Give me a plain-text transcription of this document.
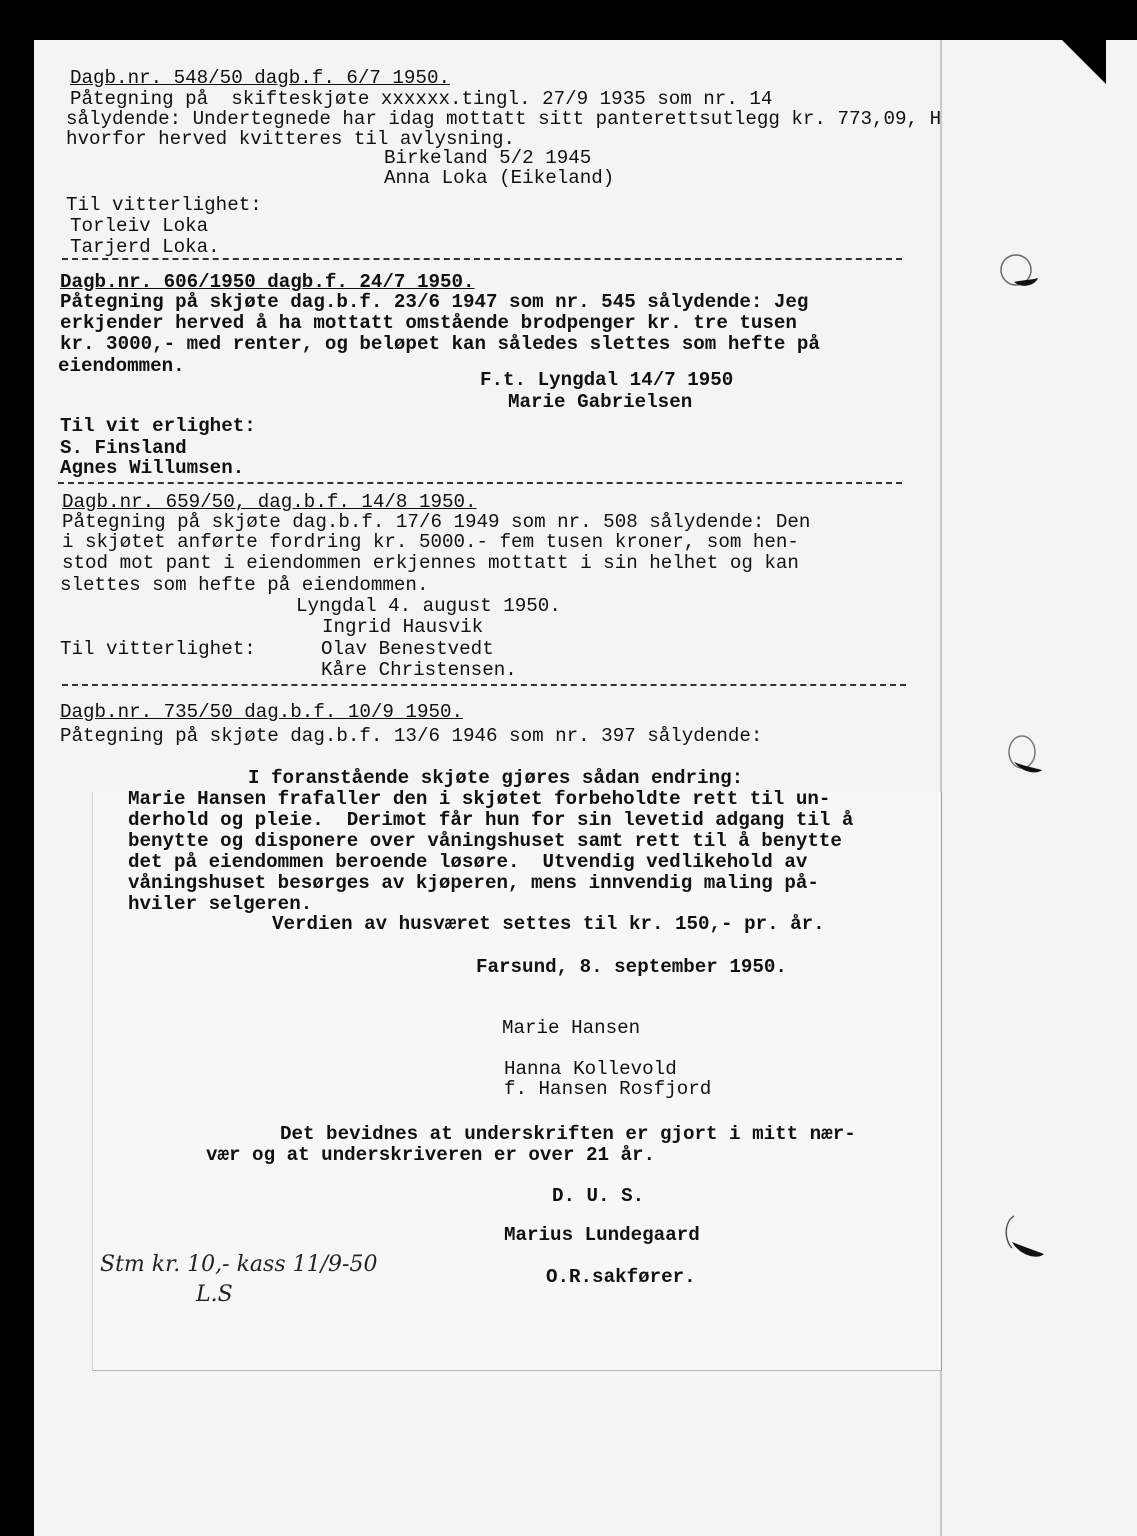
Dagb.nr. 548/50 dagb.f. 6/7 1950.
Påtegning på  skifteskjøte xxxxxx.tingl. 27/9 1935 som nr. 14
sålydende: Undertegnede har idag mottatt sitt panterettsutlegg kr. 773,09, H
hvorfor herved kvitteres til avlysning.
Birkeland 5/2 1945
Anna Loka (Eikeland)
Til vitterlighet:
Torleiv Loka
Tarjerd Loka.
Dagb.nr. 606/1950 dagb.f. 24/7 1950.
Påtegning på skjøte dag.b.f. 23/6 1947 som nr. 545 sålydende: Jeg
erkjender herved å ha mottatt omstående brodpenger kr. tre tusen
kr. 3000,- med renter, og beløpet kan således slettes som hefte på
eiendommen.
F.t. Lyngdal 14/7 1950
Marie Gabrielsen
Til vit erlighet:
S. Finsland
Agnes Willumsen.
Dagb.nr. 659/50, dag.b.f. 14/8 1950.
Påtegning på skjøte dag.b.f. 17/6 1949 som nr. 508 sålydende: Den
i skjøtet anførte fordring kr. 5000.- fem tusen kroner, som hen-
stod mot pant i eiendommen erkjennes mottatt i sin helhet og kan
slettes som hefte på eiendommen.
Lyngdal 4. august 1950.
Ingrid Hausvik
Til vitterlighet:	Olav Benestvedt
Kåre Christensen.
Dagb.nr. 735/50 dag.b.f. 10/9 1950.
Påtegning på skjøte dag.b.f. 13/6 1946 som nr. 397 sålydende:
I foranstående skjøte gjøres sådan endring:
Marie Hansen frafaller den i skjøtet forbeholdte rett til un-
derhold og pleie.  Derimot får hun for sin levetid adgang til å
benytte og disponere over våningshuset samt rett til å benytte
det på eiendommen beroende løsøre.  Utvendig vedlikehold av
våningshuset besørges av kjøperen, mens innvendig maling på-
hviler selgeren.
Verdien av husværet settes til kr. 150,- pr. år.
Farsund, 8. september 1950.
Marie Hansen
Hanna Kollevold
f. Hansen Rosfjord
Det bevidnes at underskriften er gjort i mitt nær-
vær og at underskriveren er over 21 år.
D. U. S.
Marius Lundegaard
O.R.sakfører.
Stm kr. 10,- kass 11/9-50
L.S
